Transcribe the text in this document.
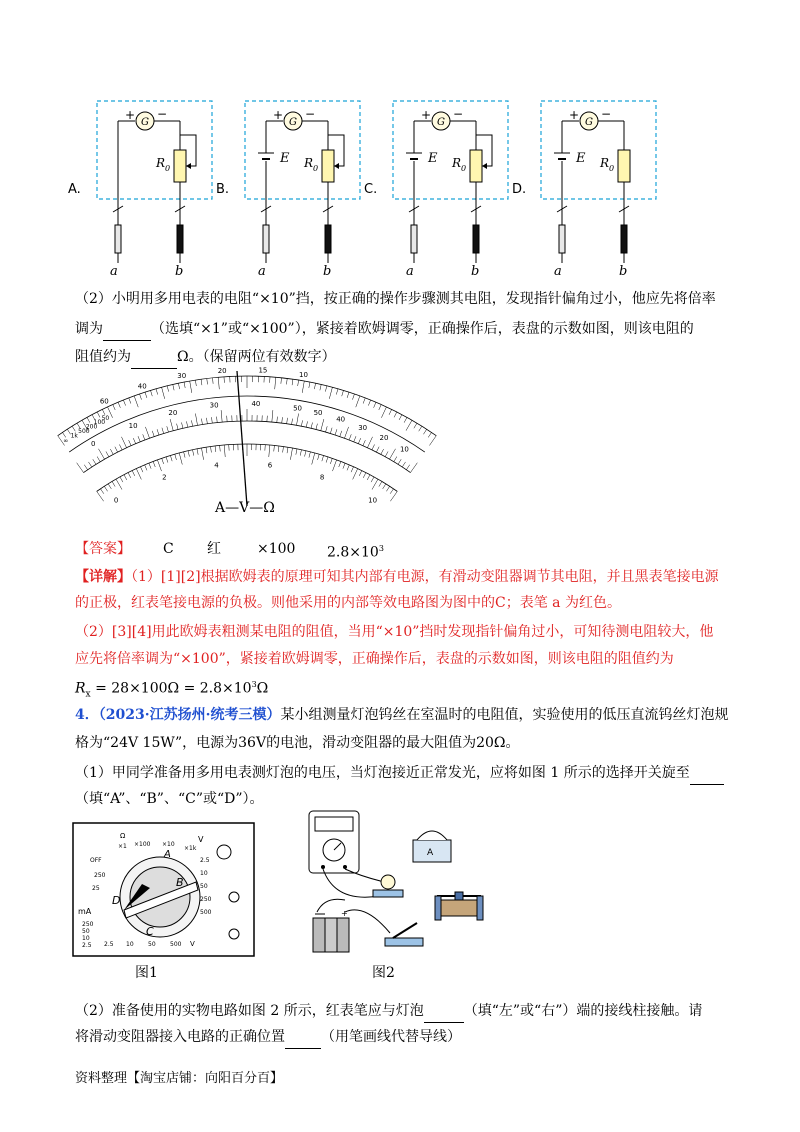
A.
+ −
G
$R_0$
a	b
B.
+ −
G
$R_0$
E
a	b
C.
+ −
G
$R_0$
E
a	b
D.
+ −
G
$R_0$
E
a	b
（2）小明用多用电表的电阻“×10”挡，按正确的操作步骤测其电阻，发现指针偏角过小，他应先将倍率
调为	（选填“×1”或“×100”），紧接着欧姆调零，正确操作后，表盘的示数如图，则该电阻的
阻值约为	Ω。（保留两位有效数字）
60
40
30
20	15
10
∞
1k
500
200
100
50
0
10
20
30	40
50
50
40
30
20
10
0
2
4	6
8
10
A—V—Ω
【答案】 C 红	×100 $2.8\times 10^3$
【详解】（1）[1][2]根据欧姆表的原理可知其内部有电源，有滑动变阻器调节其电阻，并且黑表笔接电源
的正极，红表笔接电源的负极。则他采用的内部等效电路图为图中的C；表笔 a 为红色。
（2）[3][4]用此欧姆表粗测某电阻的阻值，当用“×10”挡时发现指针偏角过小，可知待测电阻较大，他
应先将倍率调为“×100”，紧接着欧姆调零，正确操作后，表盘的示数如图，则该电阻的阻值约为
$R_x = 28\times 100\Omega = 2.8\times 10^3\Omega$
4．（2023·江苏扬州·统考三模）某小组测量灯泡钨丝在室温时的电阻值，实验使用的低压直流钨丝灯泡规
格为“24V 15W”，电源为36V的电池，滑动变阻器的最大阻值为20Ω。
（1）甲同学准备用多用电表测灯泡的电压，当灯泡接近正常发光，应将如图 1 所示的选择开关旋至
（填“A”、“B”、“C”或“D”）。
Ω
×1 ×100 ×10
×1k
A
B
D
C
OFF
25
250
V
mA
250
50
10
2.5
2.5
10
50
250
500
2.5 10 50 500 V
图1
A
+
图2
（2）准备使用的实物电路如图 2 所示，红表笔应与灯泡	（填“左”或“右”）端的接线柱接触。请
将滑动变阻器接入电路的正确位置	（用笔画线代替导线）
资料整理【淘宝店铺：向阳百分百】
